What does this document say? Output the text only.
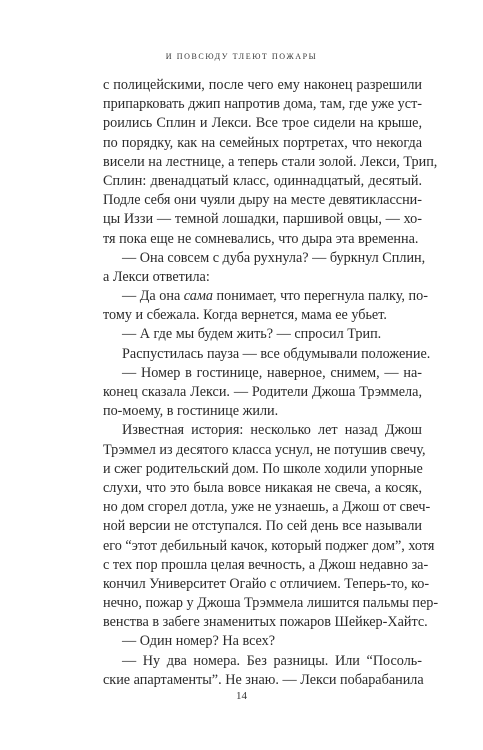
И ПОВСЮДУ ТЛЕЮТ ПОЖАРЫ
с полицейскими, после чего ему наконец разрешили
припарковать джип напротив дома, там, где уже уст-
роились Сплин и Лекси. Все трое сидели на крыше,
по порядку, как на семейных портретах, что некогда
висели на лестнице, а теперь стали золой. Лекси, Трип,
Сплин: двенадцатый класс, одиннадцатый, десятый.
Подле себя они чуяли дыру на месте девятиклассни-
цы Иззи — темной лошадки, паршивой овцы, — хо-
тя пока еще не сомневались, что дыра эта временна.
— Она совсем с дуба рухнула? — буркнул Сплин,
а Лекси ответила:
— Да она сама понимает, что перегнула палку, по-
тому и сбежала. Когда вернется, мама ее убьет.
— А где мы будем жить? — спросил Трип.
Распустилась пауза — все обдумывали положение.
— Номер в гостинице, наверное, снимем, — на-
конец сказала Лекси. — Родители Джоша Трэммела,
по-моему, в гостинице жили.
Известная история: несколько лет назад Джош
Трэммел из десятого класса уснул, не потушив свечу,
и сжег родительский дом. По школе ходили упорные
слухи, что это была вовсе никакая не свеча, а косяк,
но дом сгорел дотла, уже не узнаешь, а Джош от свеч-
ной версии не отступался. По сей день все называли
его “этот дебильный качок, который поджег дом”, хотя
с тех пор прошла целая вечность, а Джош недавно за-
кончил Университет Огайо с отличием. Теперь-то, ко-
нечно, пожар у Джоша Трэммела лишится пальмы пер-
венства в забеге знаменитых пожаров Шейкер-Хайтс.
— Один номер? На всех?
— Ну два номера. Без разницы. Или “Посоль-
ские апартаменты”. Не знаю. — Лекси побарабанила
14
